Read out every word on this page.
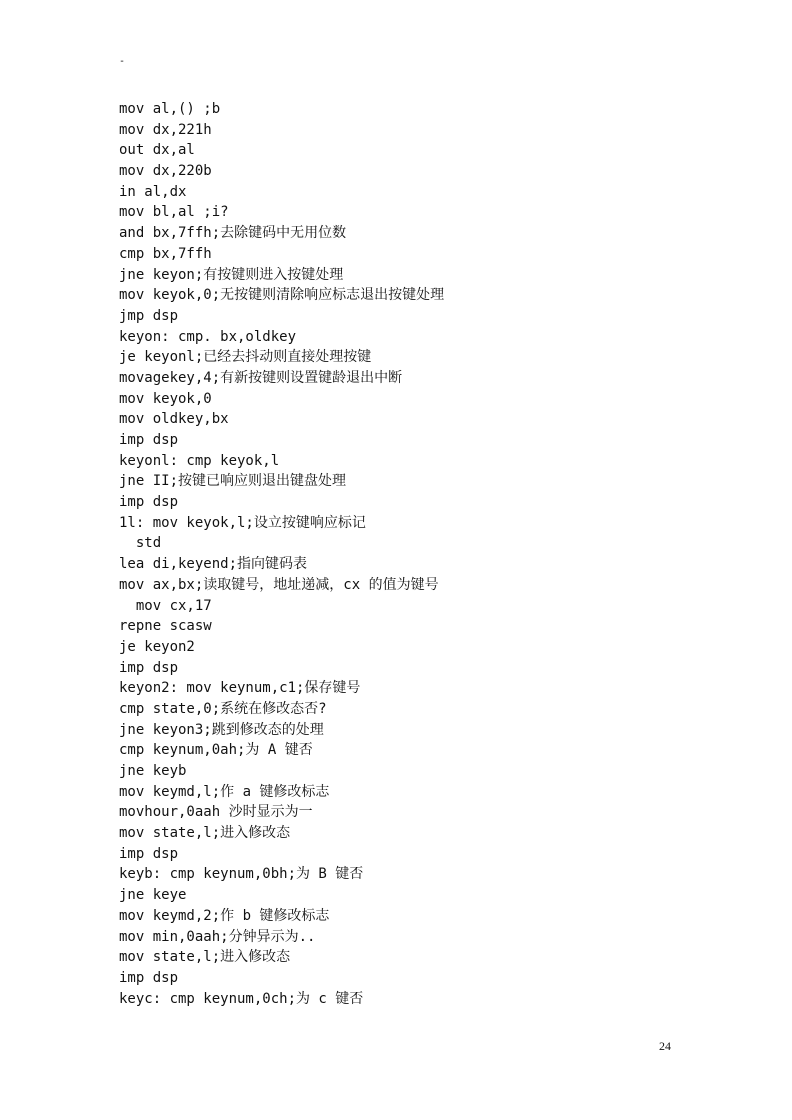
-
mov al,() ;b
mov dx,221h
out dx,al
mov dx,220b
in al,dx
mov bl,al ;i?
and bx,7ffh;去除键码中无用位数
cmp bx,7ffh
jne keyon;有按键则进入按键处理
mov keyok,0;无按键则清除响应标志退出按键处理
jmp dsp
keyon: cmp. bx,oldkey
je keyonl;已经去抖动则直接处理按键
movagekey,4;有新按键则设置键龄退出中断
mov keyok,0
mov oldkey,bx
imp dsp
keyonl: cmp keyok,l
jne II;按键已响应则退出键盘处理
imp dsp
1l: mov keyok,l;设立按键响应标记
std
lea di,keyend;指向键码表
mov ax,bx;读取键号，地址递减，cx 的值为键号
mov cx,17
repne scasw
je keyon2
imp dsp
keyon2: mov keynum,c1;保存键号
cmp state,0;系统在修改态否?
jne keyon3;跳到修改态的处理
cmp keynum,0ah;为 A 键否
jne keyb
mov keymd,l;作 a 键修改标志
movhour,0aah 沙时显示为一
mov state,l;进入修改态
imp dsp
keyb: cmp keynum,0bh;为 B 键否
jne keye
mov keymd,2;作 b 键修改标志
mov min,0aah;分钟异示为..
mov state,l;进入修改态
imp dsp
keyc: cmp keynum,0ch;为 c 键否
24
